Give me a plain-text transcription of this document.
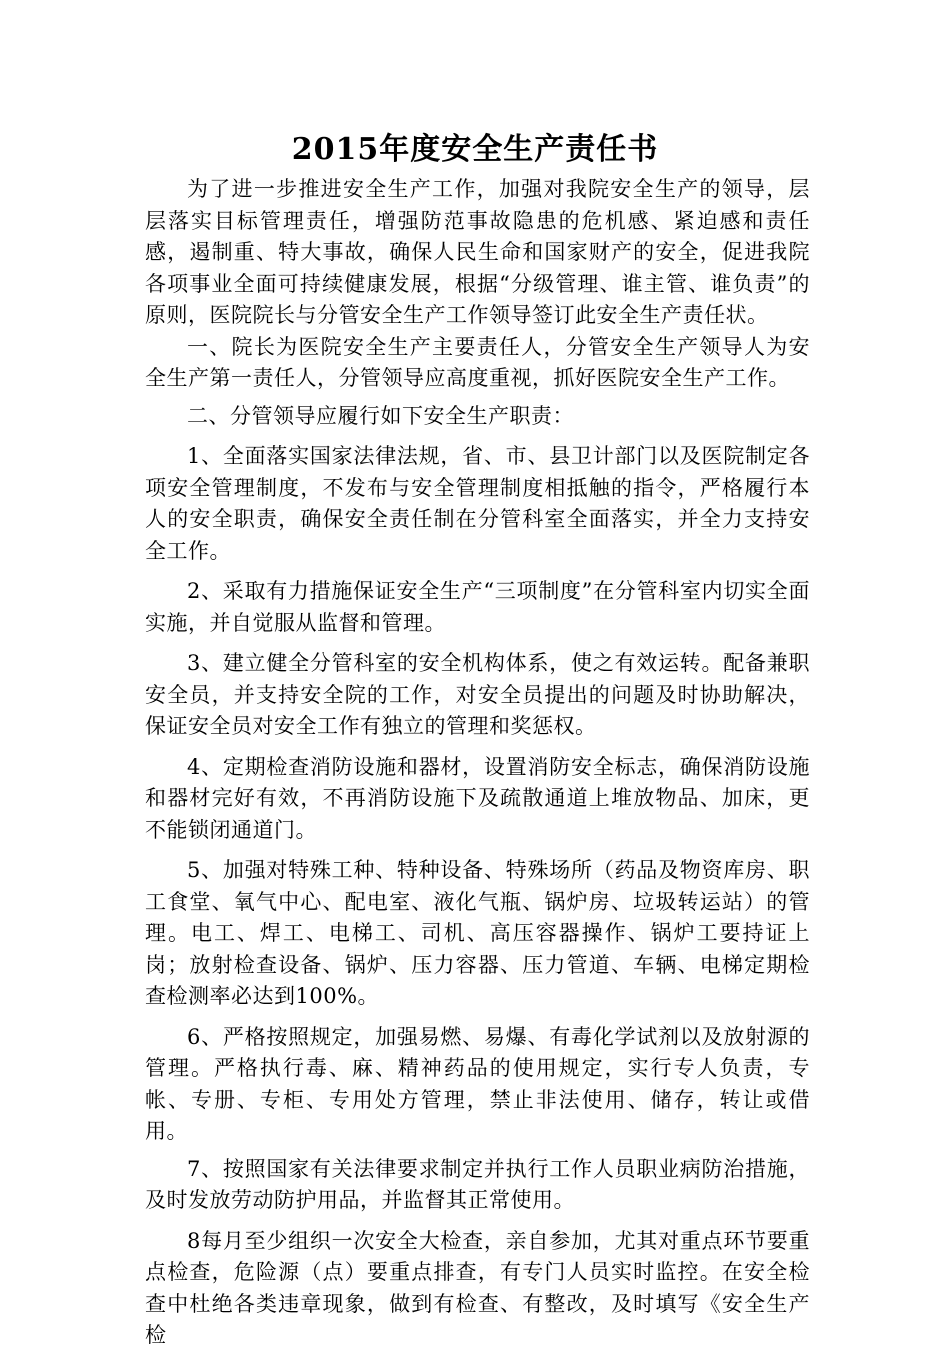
2015年度安全生产责任书

为了进一步推进安全生产工作，加强对我院安全生产的领导，层层落实目标管理责任，增强防范事故隐患的危机感、紧迫感和责任感，遏制重、特大事故，确保人民生命和国家财产的安全，促进我院各项事业全面可持续健康发展，根据“分级管理、谁主管、谁负责”的原则，医院院长与分管安全生产工作领导签订此安全生产责任状。

一、院长为医院安全生产主要责任人，分管安全生产领导人为安全生产第一责任人，分管领导应高度重视，抓好医院安全生产工作。

二、分管领导应履行如下安全生产职责：

1、全面落实国家法律法规，省、市、县卫计部门以及医院制定各项安全管理制度，不发布与安全管理制度相抵触的指令，严格履行本人的安全职责，确保安全责任制在分管科室全面落实，并全力支持安全工作。

2、采取有力措施保证安全生产“三项制度”在分管科室内切实全面实施，并自觉服从监督和管理。

3、建立健全分管科室的安全机构体系，使之有效运转。配备兼职安全员，并支持安全院的工作，对安全员提出的问题及时协助解决，保证安全员对安全工作有独立的管理和奖惩权。

4、定期检查消防设施和器材，设置消防安全标志，确保消防设施和器材完好有效，不再消防设施下及疏散通道上堆放物品、加床，更不能锁闭通道门。

5、加强对特殊工种、特种设备、特殊场所（药品及物资库房、职工食堂、氧气中心、配电室、液化气瓶、锅炉房、垃圾转运站）的管理。电工、焊工、电梯工、司机、高压容器操作、锅炉工要持证上岗；放射检查设备、锅炉、压力容器、压力管道、车辆、电梯定期检查检测率必达到100%。

6、严格按照规定，加强易燃、易爆、有毒化学试剂以及放射源的管理。严格执行毒、麻、精神药品的使用规定，实行专人负责，专帐、专册、专柜、专用处方管理，禁止非法使用、储存，转让或借用。

7、按照国家有关法律要求制定并执行工作人员职业病防治措施，及时发放劳动防护用品，并监督其正常使用。

8每月至少组织一次安全大检查，亲自参加，尤其对重点环节要重点检查，危险源（点）要重点排查，有专门人员实时监控。在安全检查中杜绝各类违章现象，做到有检查、有整改，及时填写《安全生产检
